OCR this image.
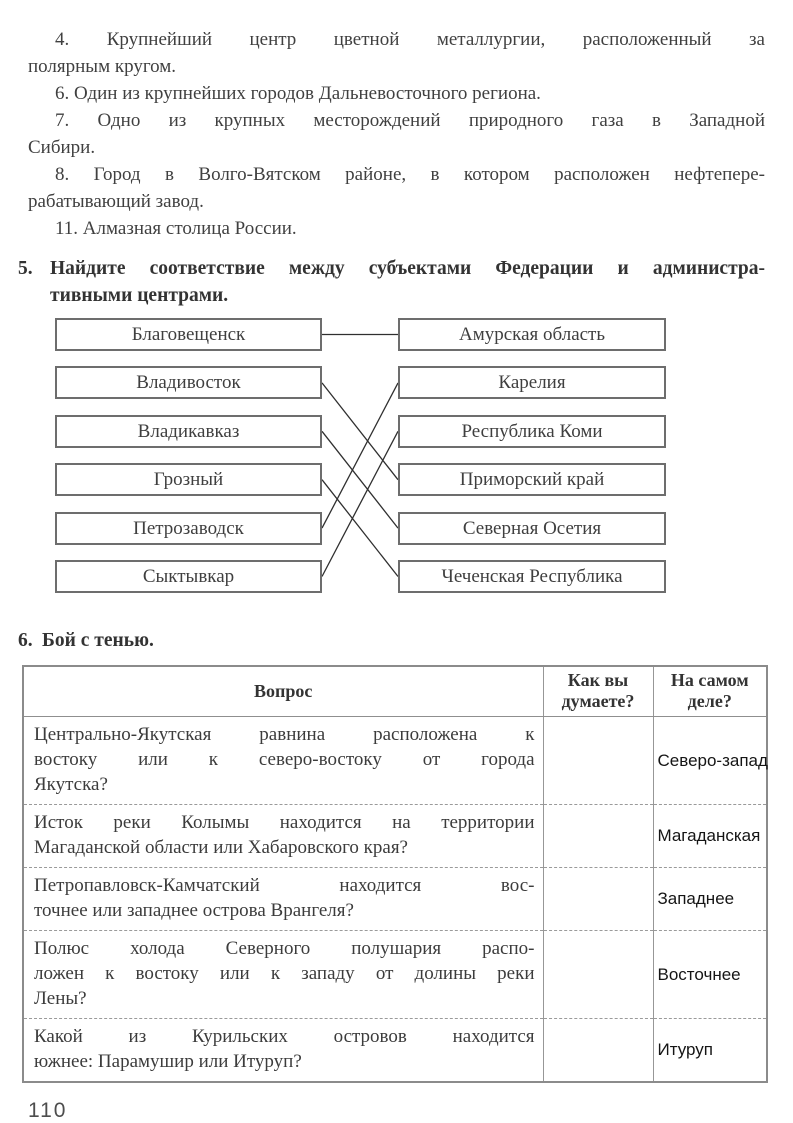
4. Крупнейший центр цветной металлургии, расположенный за
полярным кругом.
6. Один из крупнейших городов Дальневосточного региона.
7. Одно из крупных месторождений природного газа в Западной
Сибири.
8. Город в Волго-Вятском районе, в котором расположен нефтепере-
рабатывающий завод.
11. Алмазная столица России.
5. Найдите соответствие между субъектами Федерации и администра-
тивными центрами.
Благовещенск
Владивосток
Владикавказ
Грозный
Петрозаводск
Сыктывкар
Амурская область
Карелия
Республика Коми
Приморский край
Северная Осетия
Чеченская Республика
6. Бой с тенью.
Вопрос	Как вы думаете?	На самом деле?

Центрально-Якутская равнина расположена к
востоку или к северо-востоку от города
Якутска?		Северо-запад

Исток реки Колымы находится на территории
Магаданской области или Хабаровского края?		Магаданская

Петропавловск-Камчатский находится вос-
точнее или западнее острова Врангеля?		Западнее

Полюс холода Северного полушария распо-
ложен к востоку или к западу от долины реки
Лены?		Восточнее

Какой из Курильских островов находится
южнее: Парамушир или Итуруп?		Итуруп
110
